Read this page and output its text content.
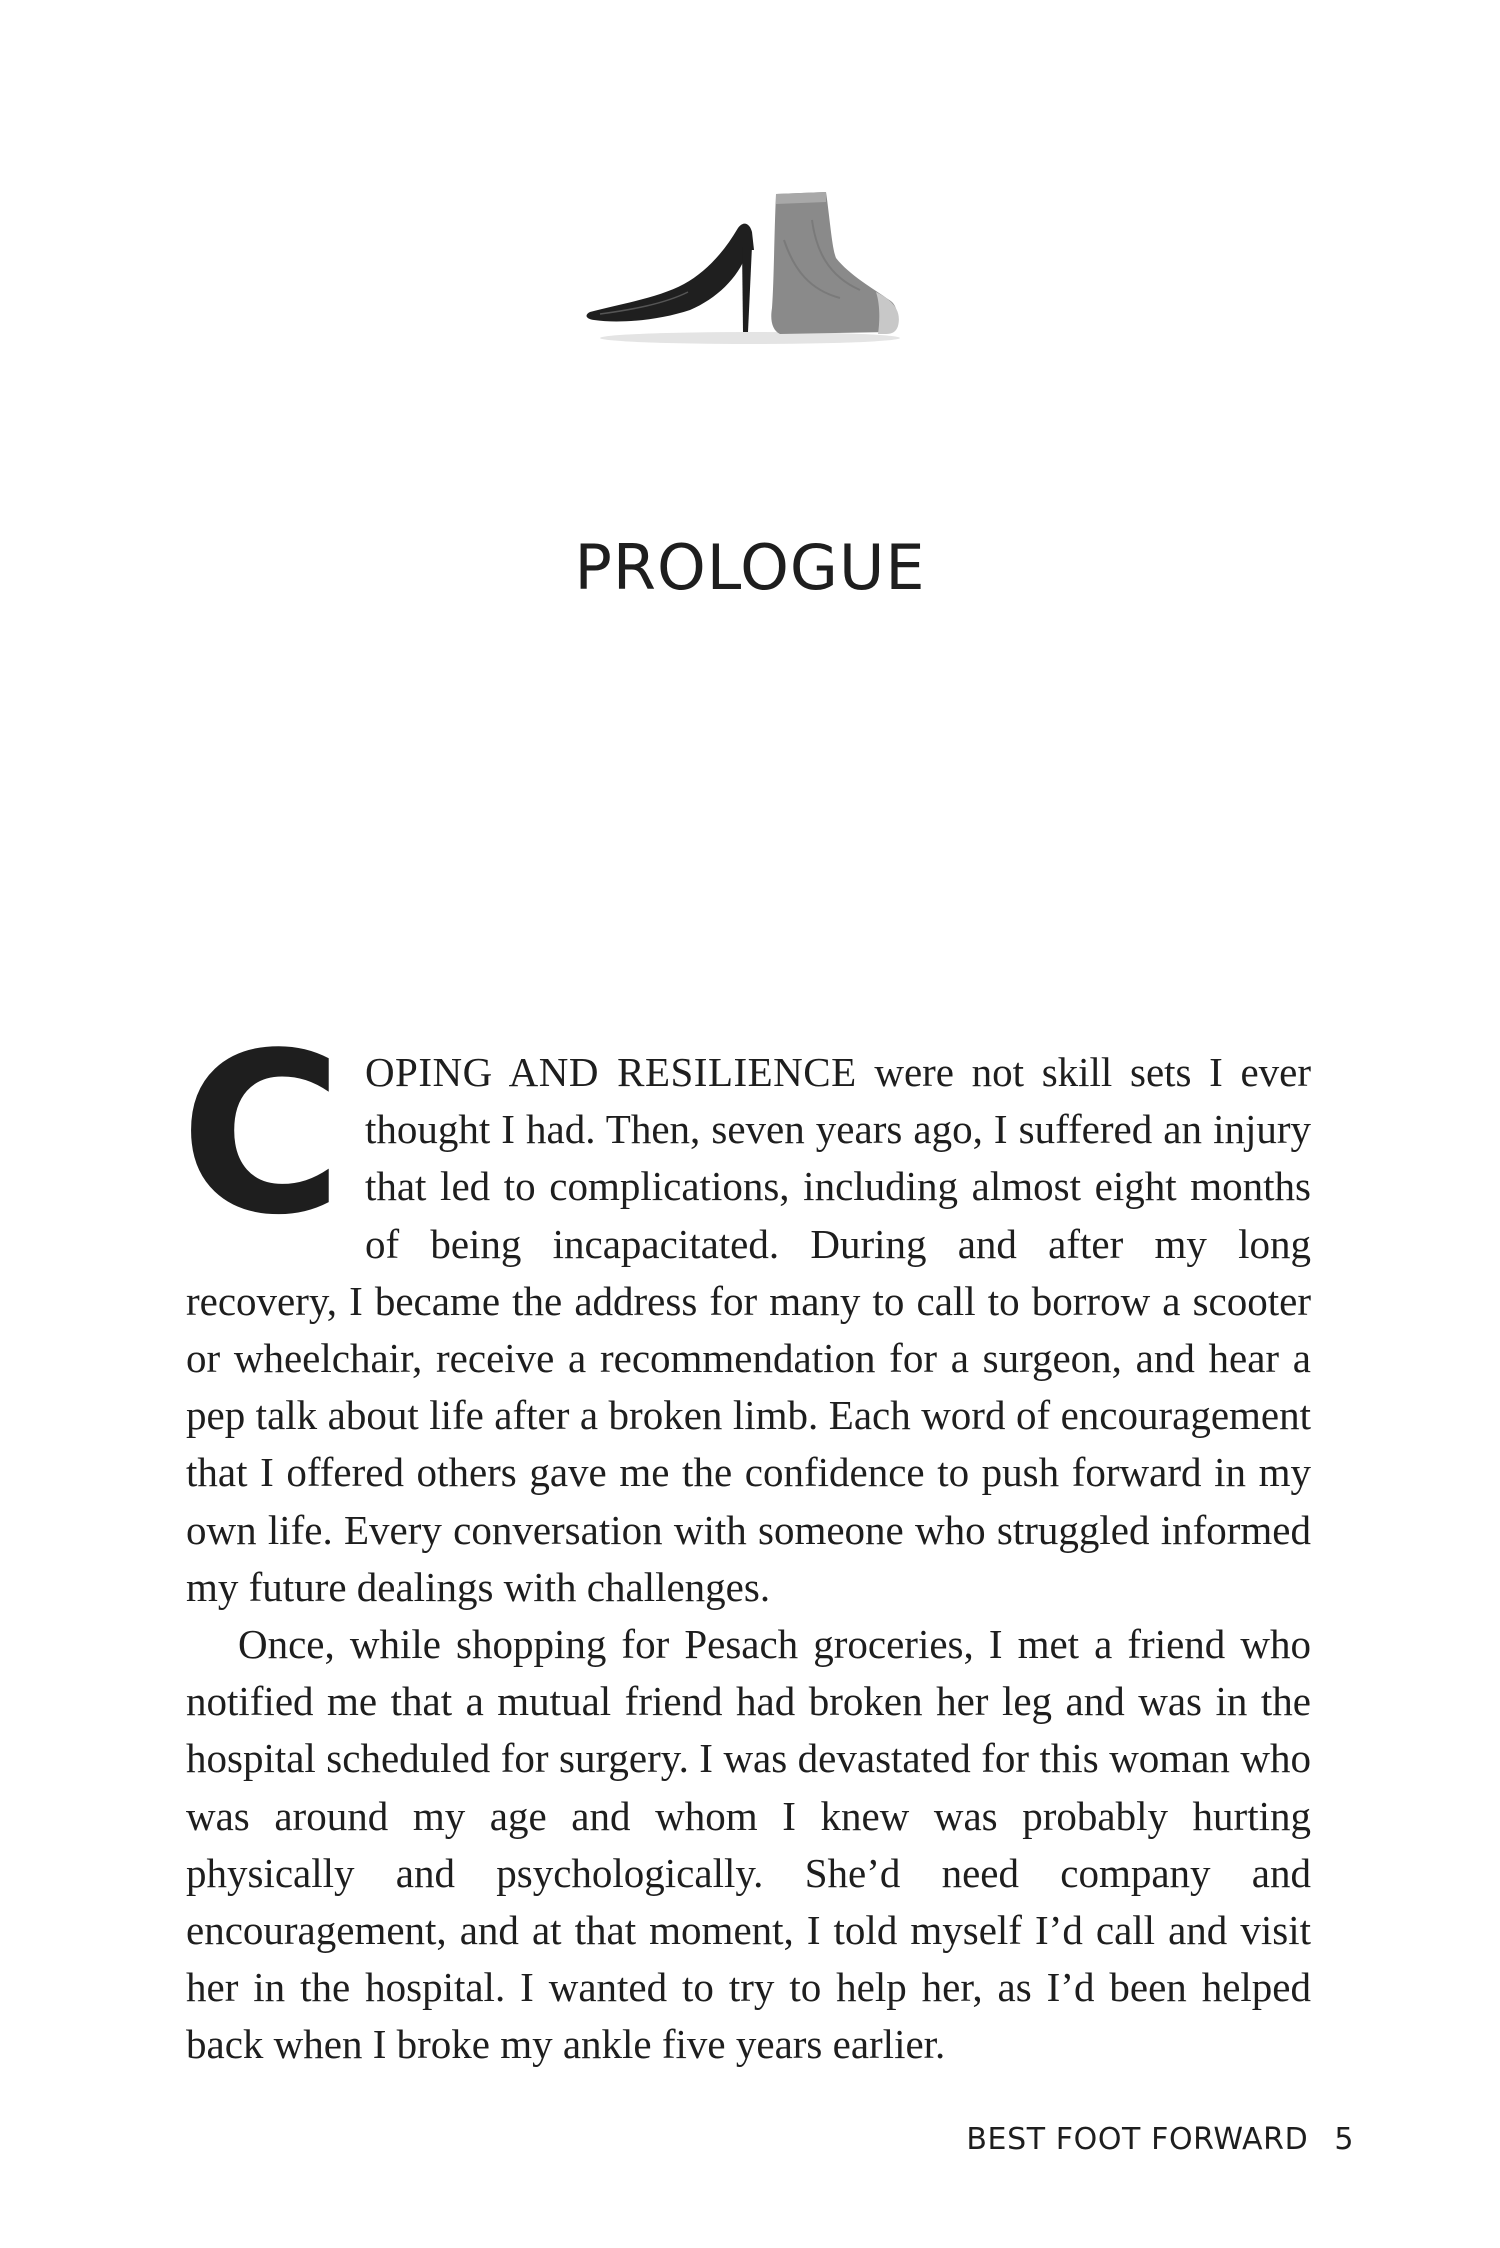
PROLOGUE

COPING AND RESILIENCE were not skill sets I ever thought I had. Then, seven years ago, I suffered an injury that led to complications, including almost eight months of being incapacitated. During and after my long recovery, I became the address for many to call to borrow a scooter or wheelchair, receive a recommendation for a surgeon, and hear a pep talk about life after a broken limb. Each word of encouragement that I offered others gave me the confidence to push forward in my own life. Every conversation with someone who struggled informed my future dealings with challenges.

Once, while shopping for Pesach groceries, I met a friend who notified me that a mutual friend had broken her leg and was in the hospital scheduled for surgery. I was devastated for this woman who was around my age and whom I knew was probably hurting physically and psychologically. She’d need company and encouragement, and at that moment, I told myself I’d call and visit her in the hospital. I wanted to try to help her, as I’d been helped back when I broke my ankle five years earlier.

BEST FOOT FORWARD 5
